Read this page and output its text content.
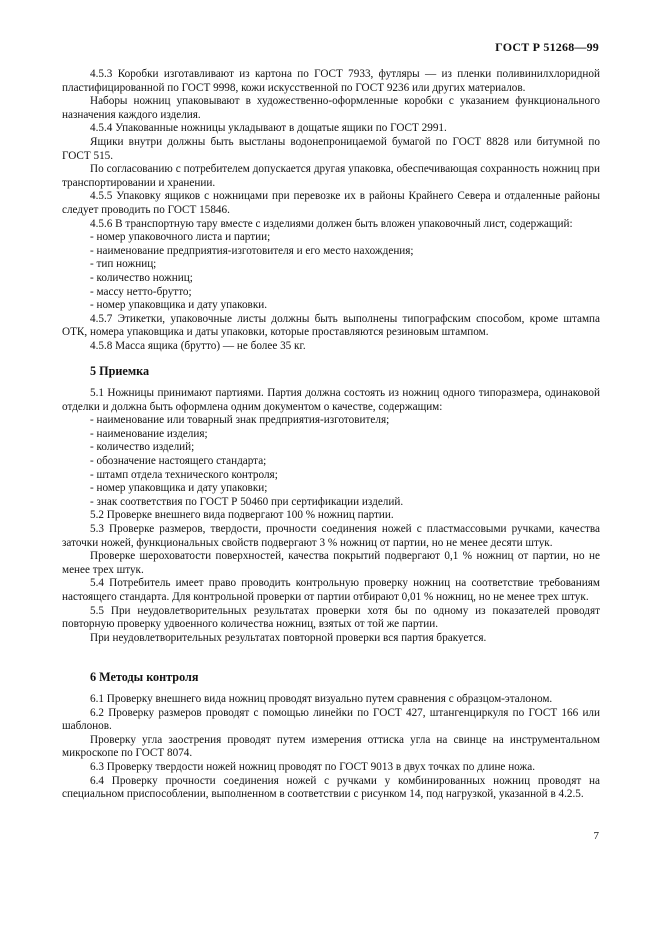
ГОСТ Р 51268—99

4.5.3 Коробки изготавливают из картона по ГОСТ 7933, футляры — из пленки поливинилхлоридной пластифицированной по ГОСТ 9998, кожи искусственной по ГОСТ 9236 или других материалов.

Наборы ножниц упаковывают в художественно-оформленные коробки с указанием функционального назначения каждого изделия.

4.5.4 Упакованные ножницы укладывают в дощатые ящики по ГОСТ 2991.

Ящики внутри должны быть выстланы водонепроницаемой бумагой по ГОСТ 8828 или битумной по ГОСТ 515.

По согласованию с потребителем допускается другая упаковка, обеспечивающая сохранность ножниц при транспортировании и хранении.

4.5.5 Упаковку ящиков с ножницами при перевозке их в районы Крайнего Севера и отдаленные районы следует проводить по ГОСТ 15846.

4.5.6 В транспортную тару вместе с изделиями должен быть вложен упаковочный лист, содержащий:

- номер упаковочного листа и партии;
- наименование предприятия-изготовителя и его место нахождения;
- тип ножниц;
- количество ножниц;
- массу нетто-брутто;
- номер упаковщика и дату упаковки.

4.5.7 Этикетки, упаковочные листы должны быть выполнены типографским способом, кроме штампа ОТК, номера упаковщика и даты упаковки, которые проставляются резиновым штампом.

4.5.8 Масса ящика (брутто) — не более 35 кг.

5 Приемка

5.1 Ножницы принимают партиями. Партия должна состоять из ножниц одного типоразмера, одинаковой отделки и должна быть оформлена одним документом о качестве, содержащим:

- наименование или товарный знак предприятия-изготовителя;
- наименование изделия;
- количество изделий;
- обозначение настоящего стандарта;
- штамп отдела технического контроля;
- номер упаковщика и дату упаковки;
- знак соответствия по ГОСТ Р 50460 при сертификации изделий.

5.2 Проверке внешнего вида подвергают 100 % ножниц партии.

5.3 Проверке размеров, твердости, прочности соединения ножей с пластмассовыми ручками, качества заточки ножей, функциональных свойств подвергают 3 % ножниц от партии, но не менее десяти штук.

Проверке шероховатости поверхностей, качества покрытий подвергают 0,1 % ножниц от партии, но не менее трех штук.

5.4 Потребитель имеет право проводить контрольную проверку ножниц на соответствие требованиям настоящего стандарта. Для контрольной проверки от партии отбирают 0,01 % ножниц, но не менее трех штук.

5.5 При неудовлетворительных результатах проверки хотя бы по одному из показателей проводят повторную проверку удвоенного количества ножниц, взятых от той же партии.

При неудовлетворительных результатах повторной проверки вся партия бракуется.

6 Методы контроля

6.1 Проверку внешнего вида ножниц проводят визуально путем сравнения с образцом-эталоном.

6.2 Проверку размеров проводят с помощью линейки по ГОСТ 427, штангенциркуля по ГОСТ 166 или шаблонов.

Проверку угла заострения проводят путем измерения оттиска угла на свинце на инструментальном микроскопе по ГОСТ 8074.

6.3 Проверку твердости ножей ножниц проводят по ГОСТ 9013 в двух точках по длине ножа.

6.4 Проверку прочности соединения ножей с ручками у комбинированных ножниц проводят на специальном приспособлении, выполненном в соответствии с рисунком 14, под нагрузкой, указанной в 4.2.5.

7
